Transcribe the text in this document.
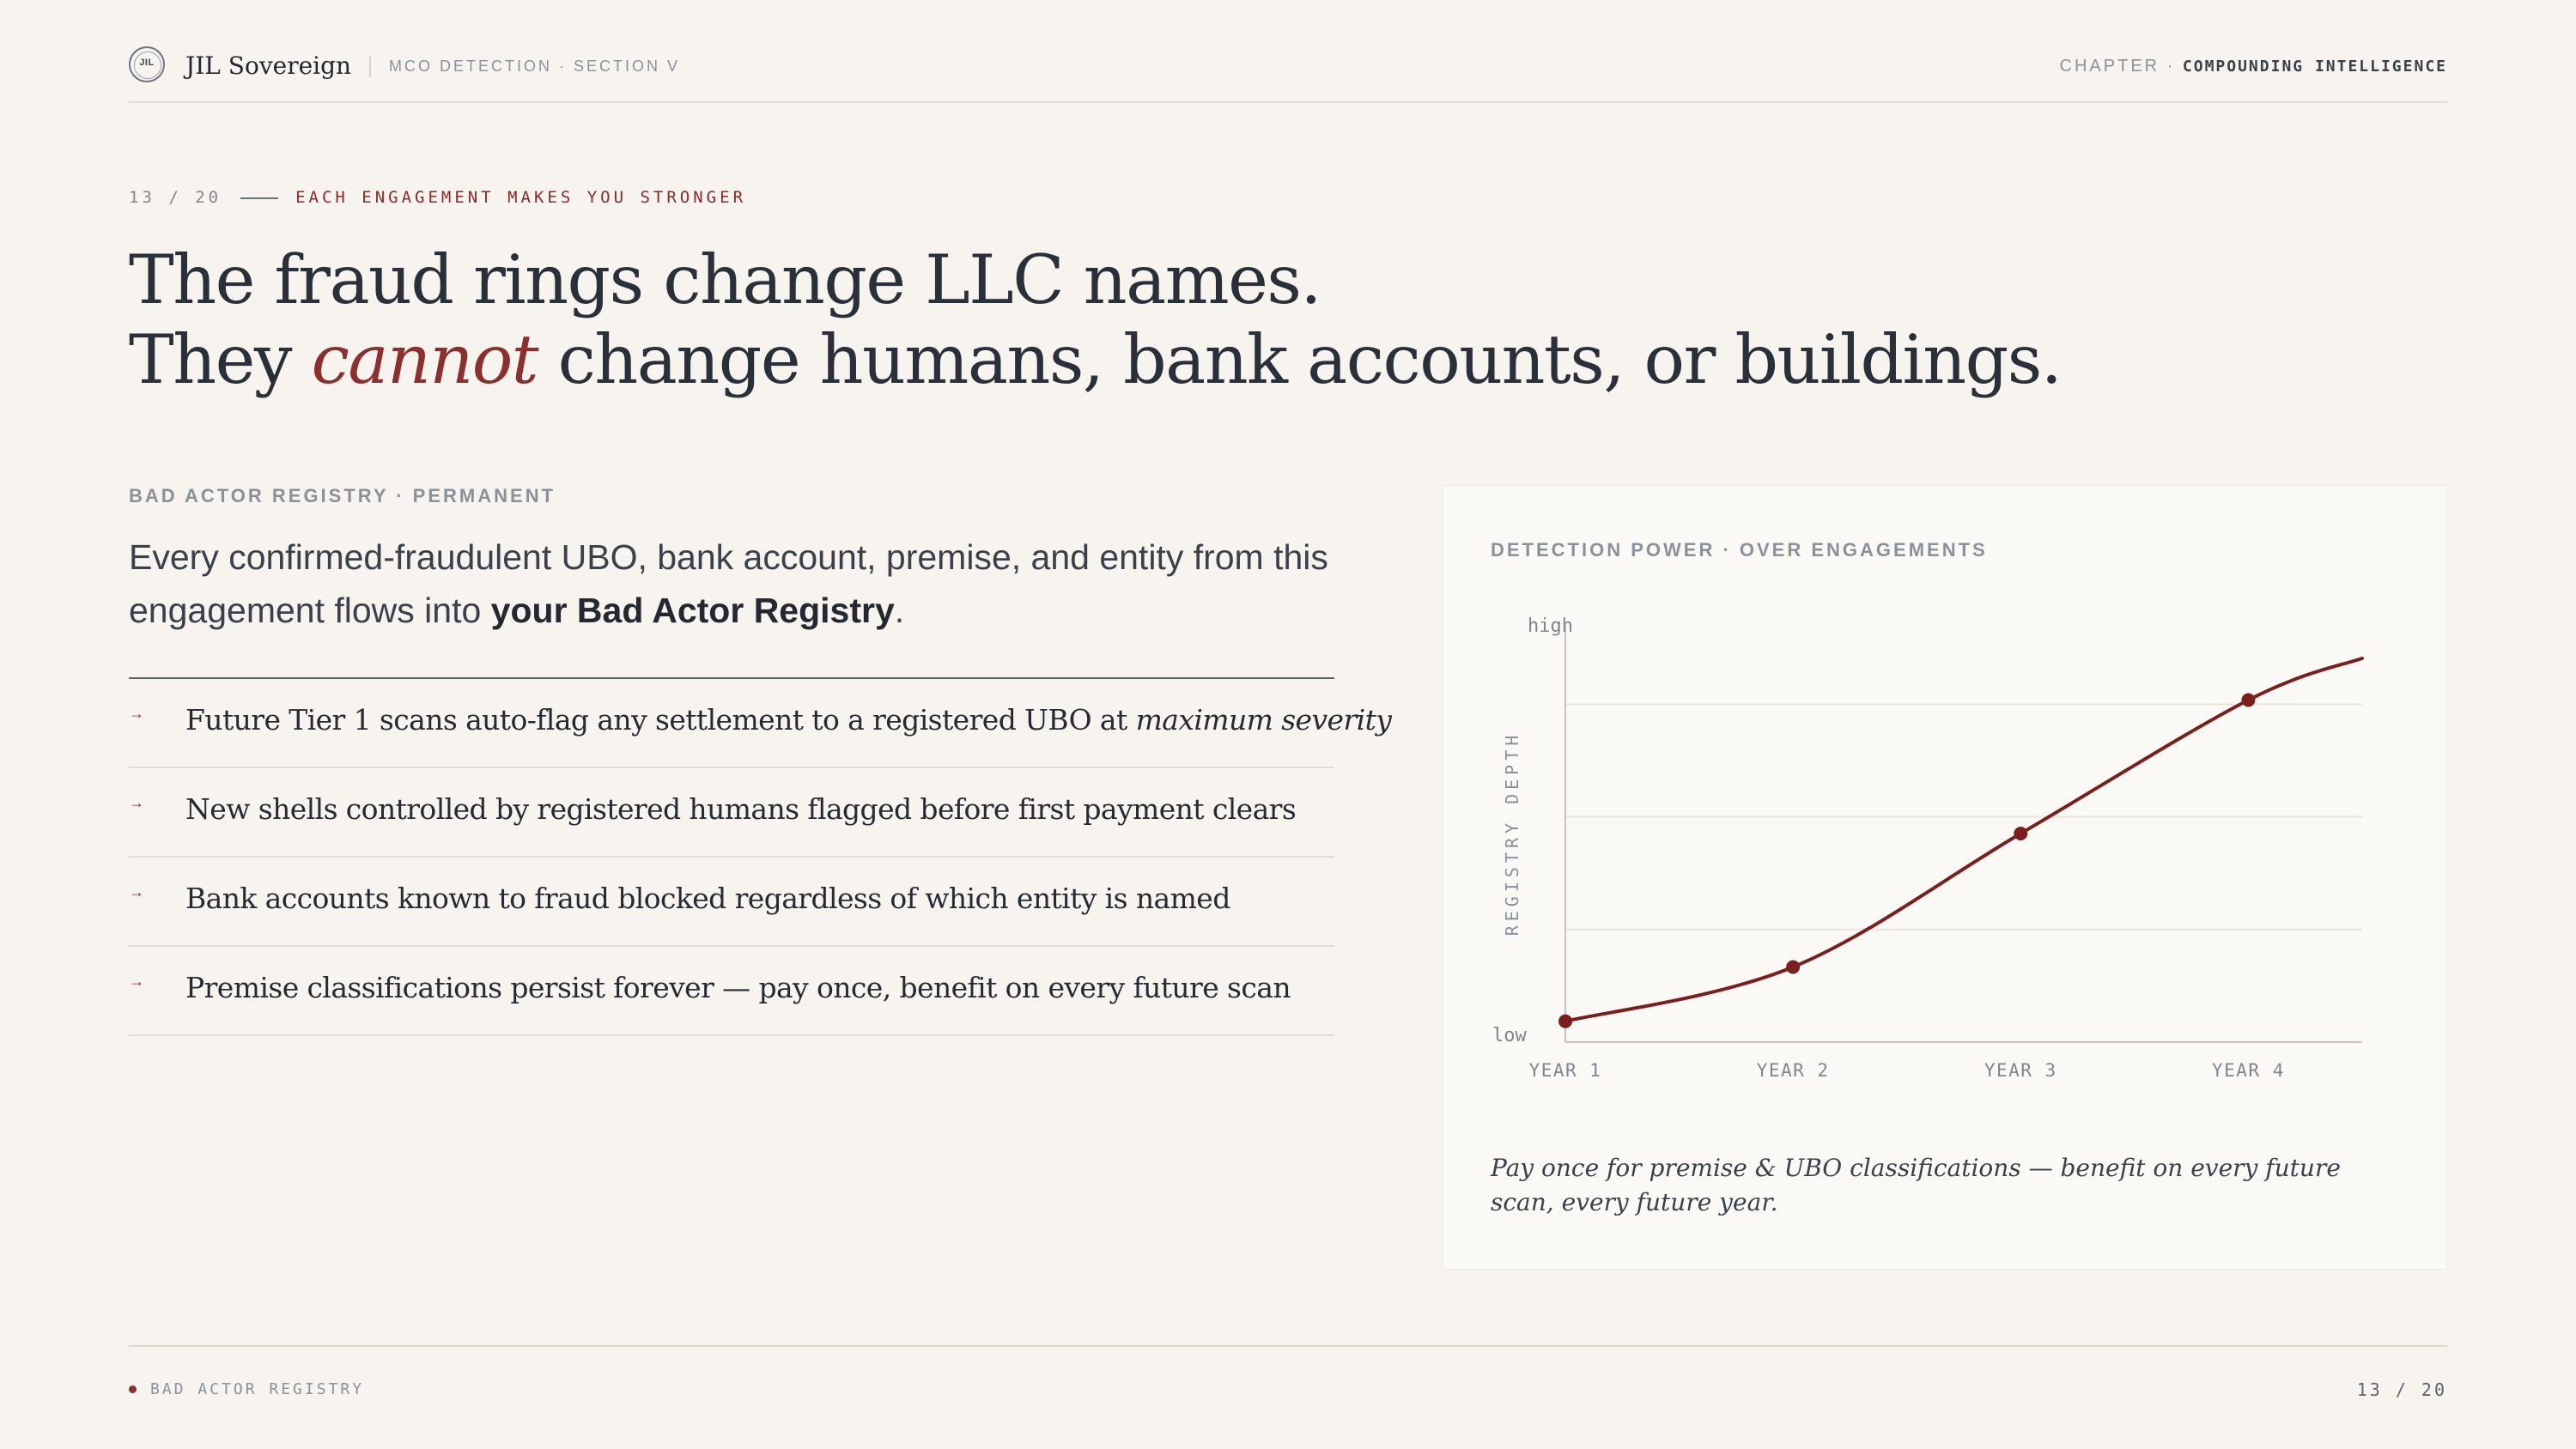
JIL	JIL Sovereign MCO DETECTION · SECTION V	CHAPTER · COMPOUNDING INTELLIGENCE
13 / 20	EACH ENGAGEMENT MAKES YOU STRONGER
The fraud rings change LLC names.
They cannot change humans, bank accounts, or buildings.
BAD ACTOR REGISTRY · PERMANENT
Every confirmed-fraudulent UBO, bank account, premise, and entity from this engagement flows into your Bad Actor Registry.
→ Future Tier 1 scans auto-flag any settlement to a registered UBO at maximum severity
→ New shells controlled by registered humans flagged before first payment clears
→ Bank accounts known to fraud blocked regardless of which entity is named
→ Premise classifications persist forever — pay once, benefit on every future scan
DETECTION POWER · OVER ENGAGEMENTS
high
low
REGISTRY DEPTH
YEAR 1	YEAR 2	YEAR 3	YEAR 4
Pay once for premise & UBO classifications — benefit on every future scan, every future year.
BAD ACTOR REGISTRY	13 / 20
